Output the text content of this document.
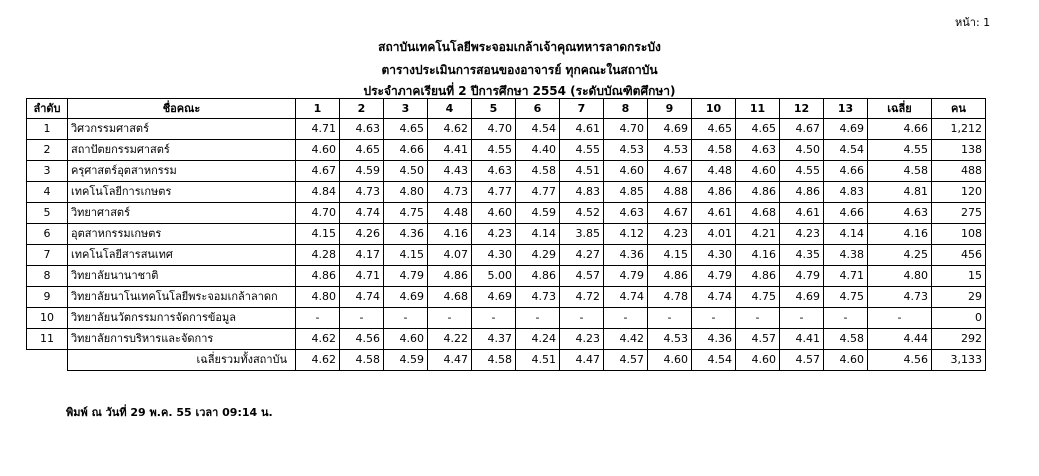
หน้า: 1
สถาบันเทคโนโลยีพระจอมเกล้าเจ้าคุณทหารลาดกระบัง
ตารางประเมินการสอนของอาจารย์ ทุกคณะในสถาบัน
ประจำภาคเรียนที่ 2 ปีการศึกษา 2554 (ระดับบัณฑิตศึกษา)
ลำดับ	ชื่อคณะ	1	2	3	4	5	6	7	8	9	10	11	12	13	เฉลี่ย	คน
1	วิศวกรรมศาสตร์	4.71	4.63	4.65	4.62	4.70	4.54	4.61	4.70	4.69	4.65	4.65	4.67	4.69	4.66	1,212
2	สถาปัตยกรรมศาสตร์	4.60	4.65	4.66	4.41	4.55	4.40	4.55	4.53	4.53	4.58	4.63	4.50	4.54	4.55	138
3	ครุศาสตร์อุตสาหกรรม	4.67	4.59	4.50	4.43	4.63	4.58	4.51	4.60	4.67	4.48	4.60	4.55	4.66	4.58	488
4	เทคโนโลยีการเกษตร	4.84	4.73	4.80	4.73	4.77	4.77	4.83	4.85	4.88	4.86	4.86	4.86	4.83	4.81	120
5	วิทยาศาสตร์	4.70	4.74	4.75	4.48	4.60	4.59	4.52	4.63	4.67	4.61	4.68	4.61	4.66	4.63	275
6	อุตสาหกรรมเกษตร	4.15	4.26	4.36	4.16	4.23	4.14	3.85	4.12	4.23	4.01	4.21	4.23	4.14	4.16	108
7	เทคโนโลยีสารสนเทศ	4.28	4.17	4.15	4.07	4.30	4.29	4.27	4.36	4.15	4.30	4.16	4.35	4.38	4.25	456
8	วิทยาลัยนานาชาติ	4.86	4.71	4.79	4.86	5.00	4.86	4.57	4.79	4.86	4.79	4.86	4.79	4.71	4.80	15
9	วิทยาลัยนาโนเทคโนโลยีพระจอมเกล้าลาดก	4.80	4.74	4.69	4.68	4.69	4.73	4.72	4.74	4.78	4.74	4.75	4.69	4.75	4.73	29
10	วิทยาลัยนวัตกรรมการจัดการข้อมูล	-	-	-	-	-	-	-	-	-	-	-	-	-	-	0
11	วิทยาลัยการบริหารและจัดการ	4.62	4.56	4.60	4.22	4.37	4.24	4.23	4.42	4.53	4.36	4.57	4.41	4.58	4.44	292
	เฉลี่ยรวมทั้งสถาบัน	4.62	4.58	4.59	4.47	4.58	4.51	4.47	4.57	4.60	4.54	4.60	4.57	4.60	4.56	3,133
พิมพ์ ณ วันที่ 29 พ.ค. 55 เวลา 09:14 น.
